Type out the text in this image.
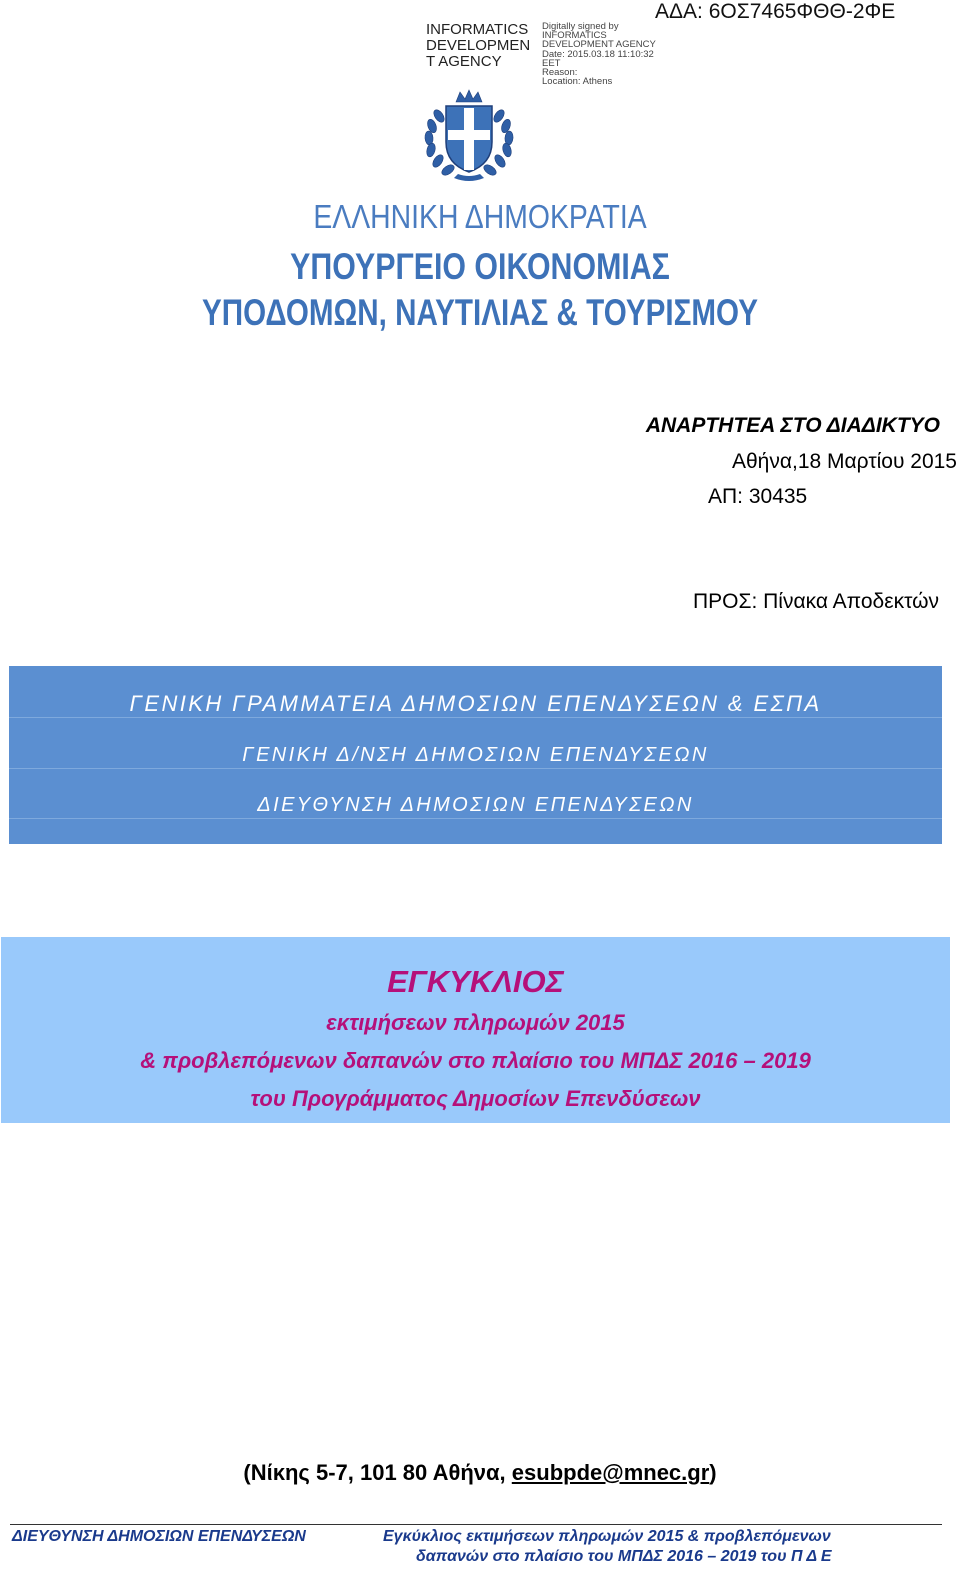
INFORMATICS
DEVELOPMEN
T AGENCY
Digitally signed by
INFORMATICS
DEVELOPMENT AGENCY
Date: 2015.03.18 11:10:32
EET
Reason:
Location: Athens
ΑΔΑ: 6ΟΣ7465ΦΘΘ-2ΦΕ
ΕΛΛΗΝΙΚΗ ΔΗΜΟΚΡΑΤΙΑ
ΥΠΟΥΡΓΕΙΟ ΟΙΚΟΝΟΜΙΑΣ
ΥΠΟΔΟΜΩΝ, ΝΑΥΤΙΛΙΑΣ & ΤΟΥΡΙΣΜΟΥ
ΑΝΑΡΤΗΤΕΑ ΣΤΟ ΔΙΑΔΙΚΤΥΟ
Αθήνα,18 Μαρτίου 2015
ΑΠ: 30435
ΠΡΟΣ: Πίνακα Αποδεκτών
ΓΕΝΙΚΗ ΓΡΑΜΜΑΤΕΙΑ ΔΗΜΟΣΙΩΝ ΕΠΕΝΔΥΣΕΩΝ & ΕΣΠΑ
ΓΕΝΙΚΗ Δ/ΝΣΗ ΔΗΜΟΣΙΩΝ ΕΠΕΝΔΥΣΕΩΝ
ΔΙΕΥΘΥΝΣΗ ΔΗΜΟΣΙΩΝ ΕΠΕΝΔΥΣΕΩΝ
ΕΓΚΥΚΛΙΟΣ
εκτιμήσεων πληρωμών 2015
& προβλεπόμενων δαπανών στο πλαίσιο του ΜΠΔΣ 2016 – 2019
του Προγράμματος Δημοσίων Επενδύσεων
(Νίκης 5-7, 101 80 Αθήνα, esubpde@mnec.gr)
ΔΙΕΥΘΥΝΣΗ ΔΗΜΟΣΙΩΝ ΕΠΕΝΔΥΣΕΩΝ	Εγκύκλιος εκτιμήσεων πληρωμών 2015 & προβλεπόμενων
δαπανών στο πλαίσιο του ΜΠΔΣ 2016 – 2019 του Π Δ Ε
